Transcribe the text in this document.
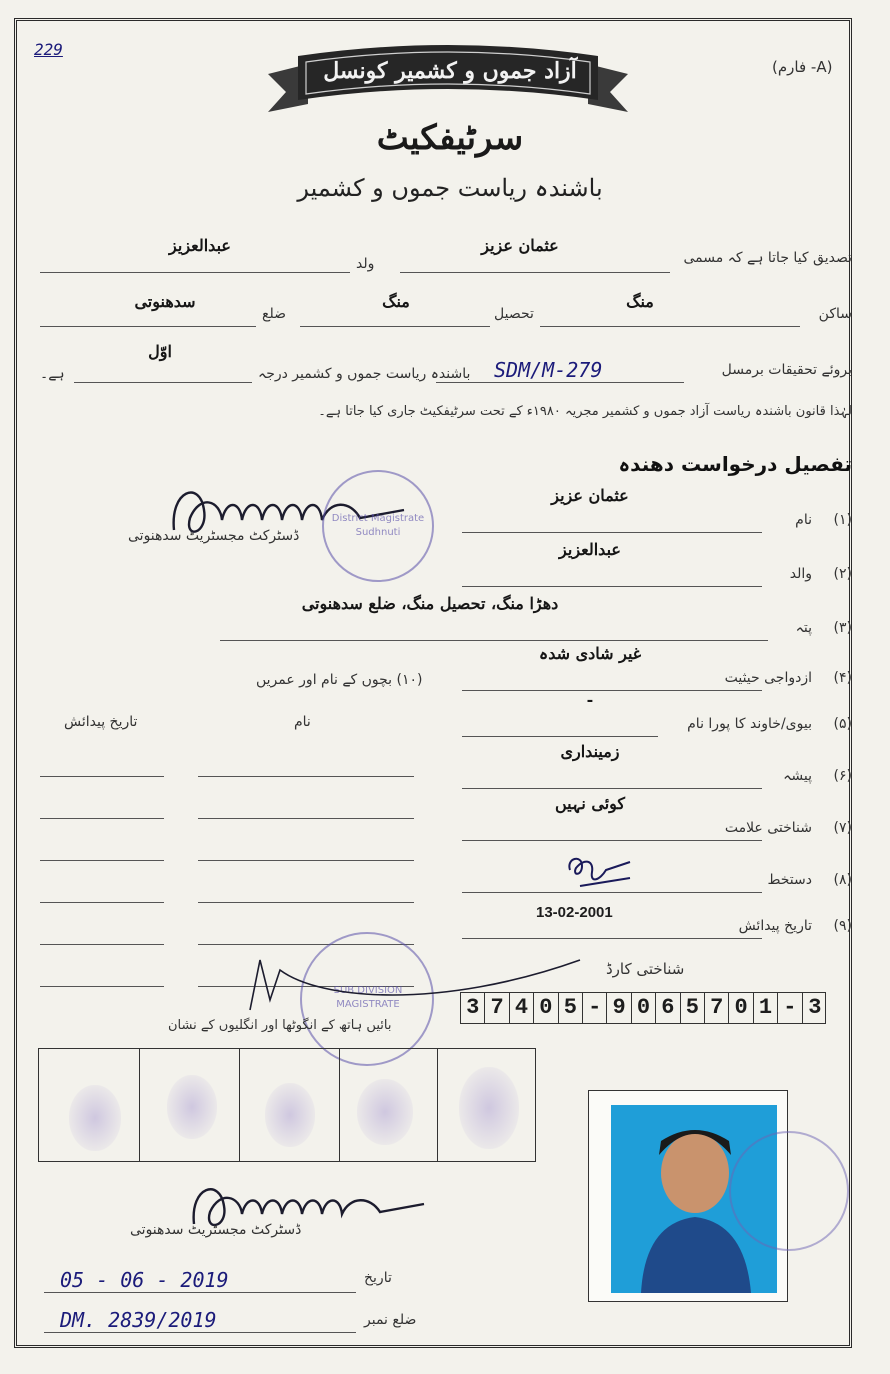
229
(فارم -A)
آزاد جموں و کشمیر کونسل
سرٹیفکیٹ
باشندہ ریاست جموں و کشمیر
تصدیق کیا جاتا ہے کہ مسمی
عثمان عزیز
ولد
عبدالعزیز
ساکن
منگ
تحصیل
منگ
ضلع
سدھنوتی
بروئے تحقیقات برمسل
SDM/M-279
باشندہ ریاست جموں و کشمیر درجہ
اوّل
ہے۔
لہٰذا قانون باشندہ ریاست آزاد جموں و کشمیر مجریہ ۱۹۸۰ء کے تحت سرٹیفکیٹ جاری کیا جاتا ہے۔
تفصیل درخواست دھندہ
District Magistrate Sudhnuti
ڈسٹرکٹ مجسٹریٹ سدھنوتی
(۱)
نام
عثمان عزیز
(۲)
والد
عبدالعزیز
(۳)
پتہ
دھڑا منگ، تحصیل منگ، ضلع سدھنوتی
(۴)
ازدواجی حیثیت
غیر شادی شدہ
(۵)
بیوی/خاوند کا پورا نام
-
(۶)
پیشہ
زمینداری
(۷)
شناختی علامت
کوئی نہیں
(۸)
دستخط
(۹)
تاریخ پیدائش
13-02-2001
(۱۰) بچوں کے نام اور عمریں
نام
تاریخ پیدائش
SUB DIVISION MAGISTRATE
شناختی کارڈ
3 7 4 0 5 - 9 0 6 5 7 0 1 - 3
بائیں ہاتھ کے انگوٹھا اور انگلیوں کے نشان
ڈسٹرکٹ مجسٹریٹ سدھنوتی
05 - 06 - 2019	تاریخ
DM. 2839/2019	ضلع نمبر
